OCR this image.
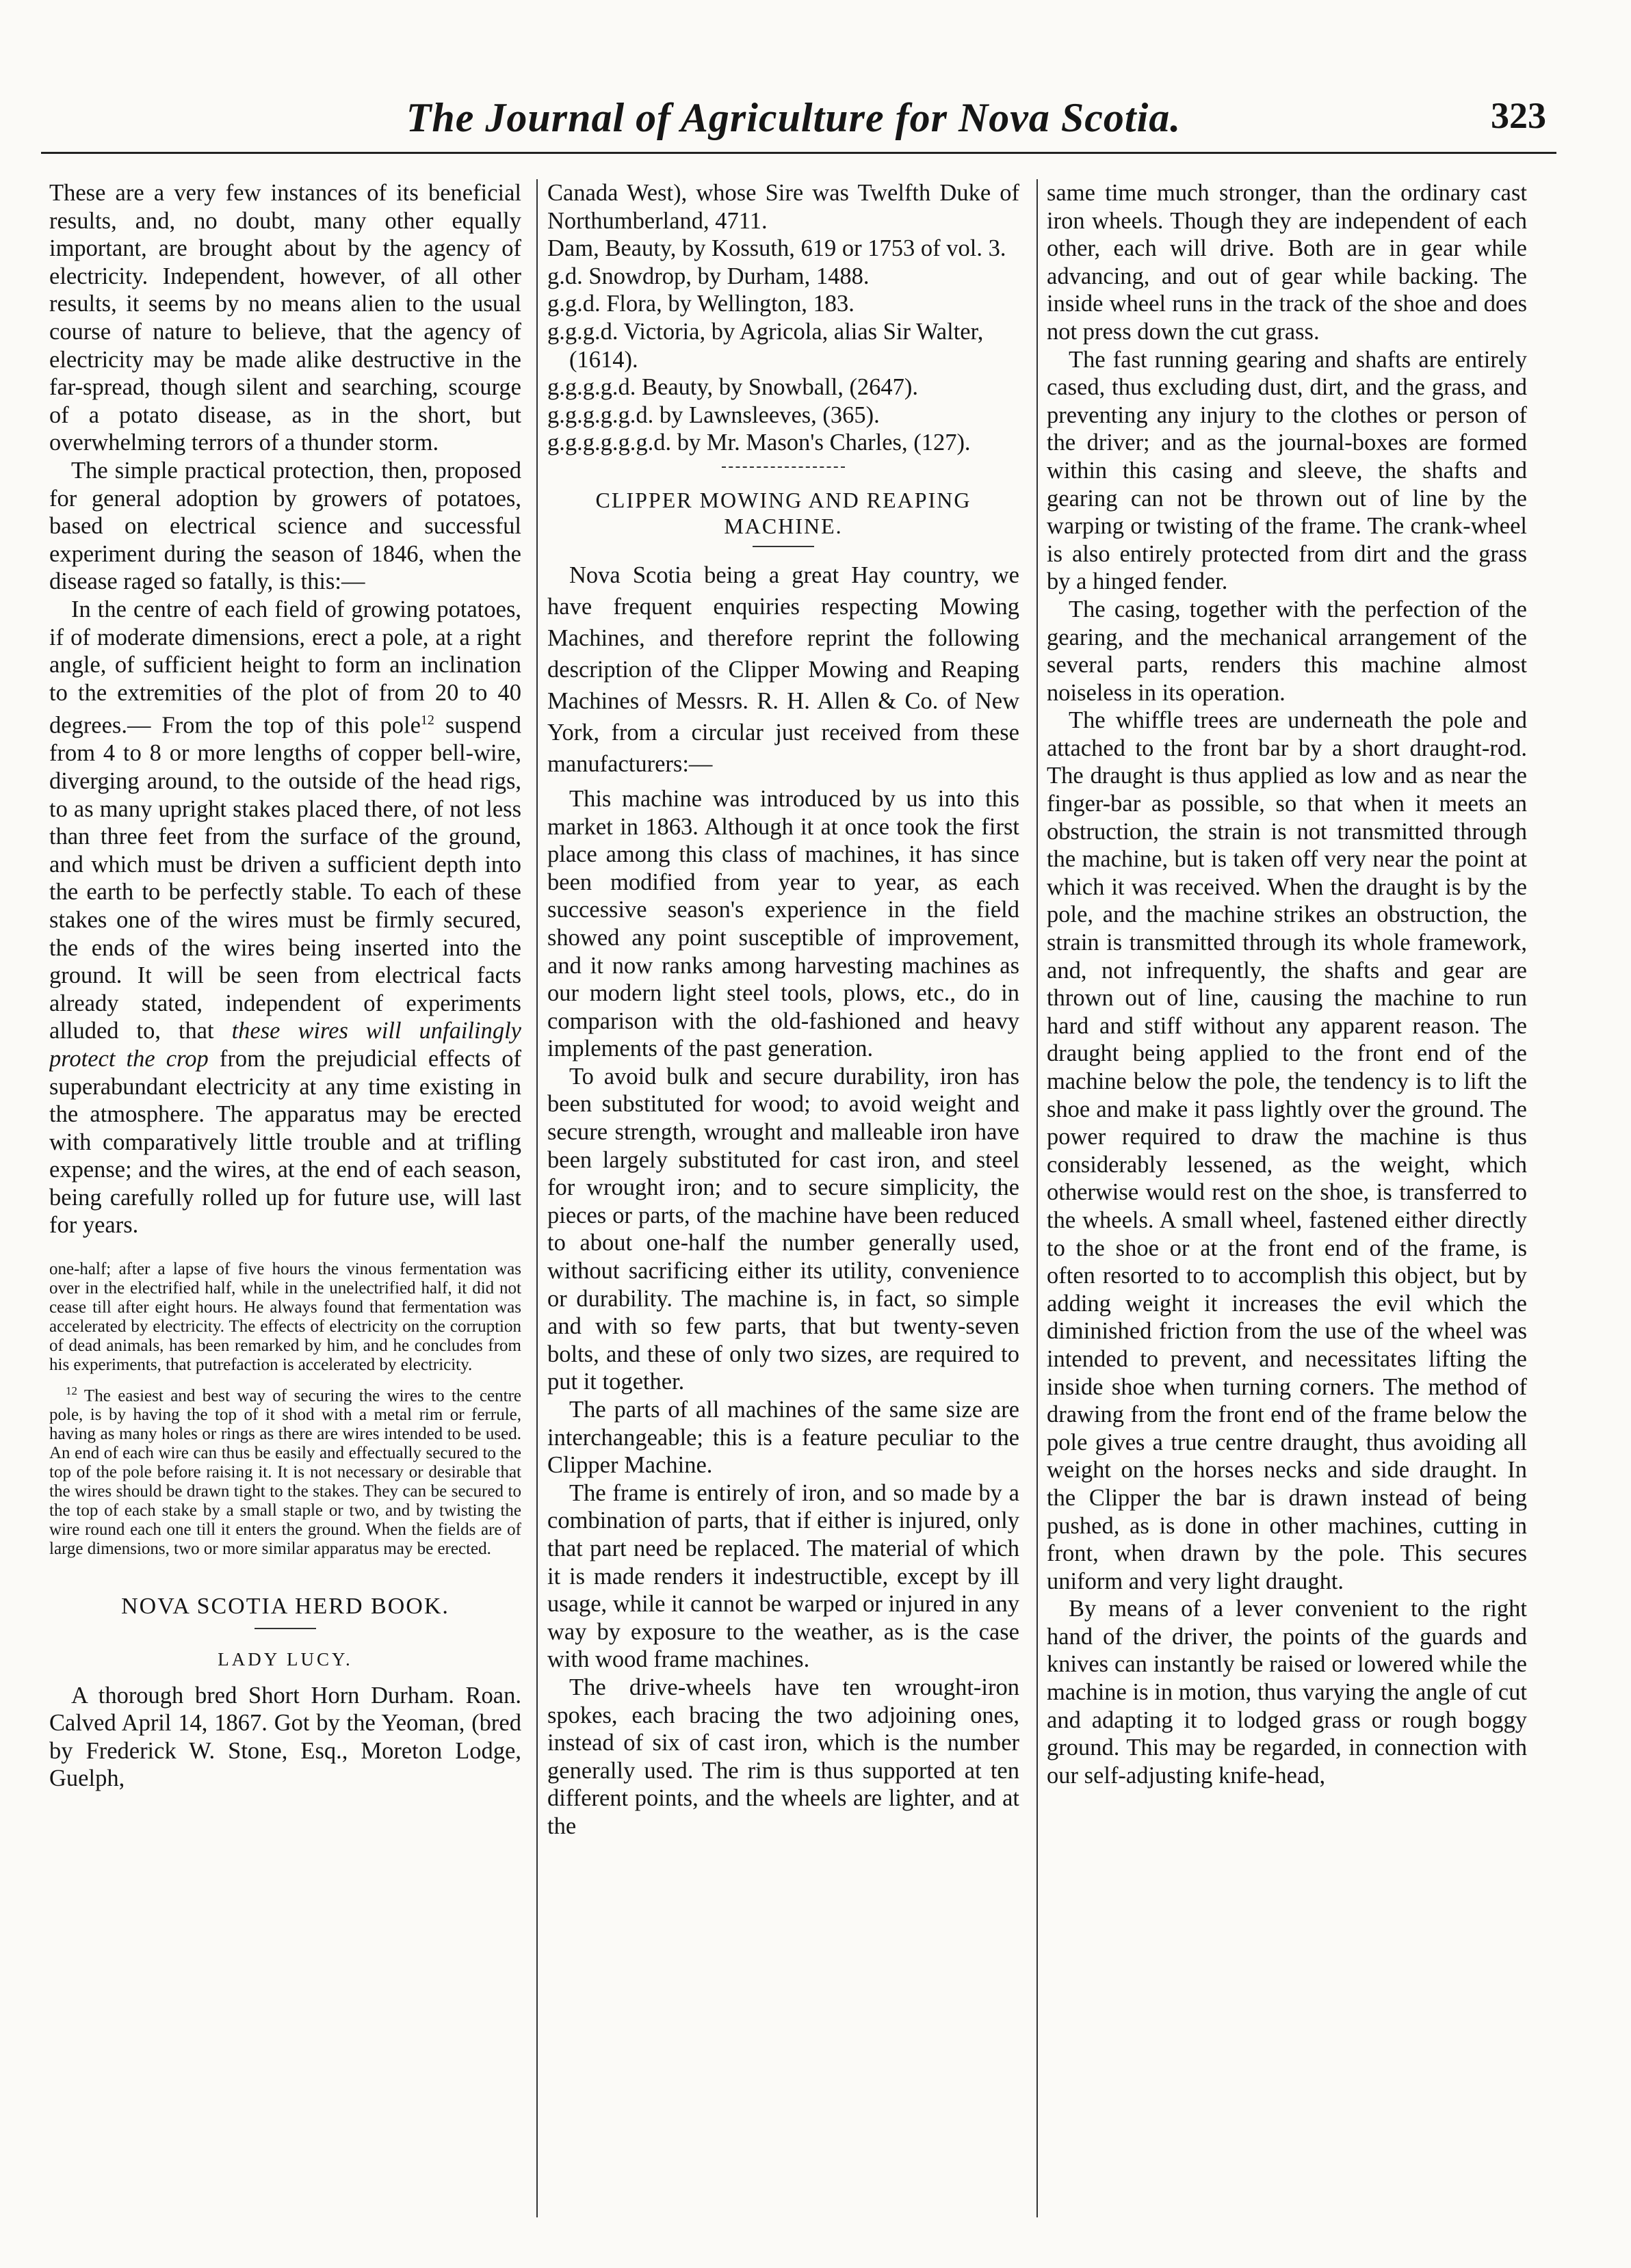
The Journal of Agriculture for Nova Scotia.	323

These are a very few instances of its beneficial results, and, no doubt, many other equally important, are brought about by the agency of electricity. Independent, however, of all other results, it seems by no means alien to the usual course of nature to believe, that the agency of electricity may be made alike destructive in the far-spread, though silent and searching, scourge of a potato disease, as in the short, but overwhelming terrors of a thunder storm.

The simple practical protection, then, proposed for general adoption by growers of potatoes, based on electrical science and successful experiment during the season of 1846, when the disease raged so fatally, is this:—

In the centre of each field of growing potatoes, if of moderate dimensions, erect a pole, at a right angle, of sufficient height to form an inclination to the extremities of the plot of from 20 to 40 degrees.— From the top of this pole$^{12}$ suspend from 4 to 8 or more lengths of copper bell-wire, diverging around, to the outside of the head rigs, to as many upright stakes placed there, of not less than three feet from the surface of the ground, and which must be driven a sufficient depth into the earth to be perfectly stable. To each of these stakes one of the wires must be firmly secured, the ends of the wires being inserted into the ground. It will be seen from electrical facts already stated, independent of experiments alluded to, that these wires will unfailingly protect the crop from the prejudicial effects of superabundant electricity at any time existing in the atmosphere. The apparatus may be erected with comparatively little trouble and at trifling expense; and the wires, at the end of each season, being carefully rolled up for future use, will last for years.

one-half; after a lapse of five hours the vinous fermentation was over in the electrified half, while in the unelectrified half, it did not cease till after eight hours. He always found that fermentation was accelerated by electricity. The effects of electricity on the corruption of dead animals, has been remarked by him, and he concludes from his experiments, that putrefaction is accelerated by electricity.

$^{12}$ The easiest and best way of securing the wires to the centre pole, is by having the top of it shod with a metal rim or ferrule, having as many holes or rings as there are wires intended to be used. An end of each wire can thus be easily and effectually secured to the top of the pole before raising it. It is not necessary or desirable that the wires should be drawn tight to the stakes. They can be secured to the top of each stake by a small staple or two, and by twisting the wire round each one till it enters the ground. When the fields are of large dimensions, two or more similar apparatus may be erected.

NOVA SCOTIA HERD BOOK.
LADY LUCY.

A thorough bred Short Horn Durham. Roan. Calved April 14, 1867. Got by the Yeoman, (bred by Frederick W. Stone, Esq., Moreton Lodge, Guelph,

Canada West), whose Sire was Twelfth Duke of Northumberland, 4711.

Dam, Beauty, by Kossuth, 619 or 1753 of vol. 3.

g.d. Snowdrop, by Durham, 1488.

g.g.d. Flora, by Wellington, 183.

g.g.g.d. Victoria, by Agricola, alias Sir Walter, (1614).

g.g.g.g.d. Beauty, by Snowball, (2647).

g.g.g.g.g.d. by Lawnsleeves, (365).

g.g.g.g.g.g.d. by Mr. Mason's Charles, (127).

CLIPPER MOWING AND REAPING MACHINE.

Nova Scotia being a great Hay country, we have frequent enquiries respecting Mowing Machines, and therefore reprint the following description of the Clipper Mowing and Reaping Machines of Messrs. R. H. Allen & Co. of New York, from a circular just received from these manufacturers:—

This machine was introduced by us into this market in 1863. Although it at once took the first place among this class of machines, it has since been modified from year to year, as each successive season's experience in the field showed any point susceptible of improvement, and it now ranks among harvesting machines as our modern light steel tools, plows, etc., do in comparison with the old-fashioned and heavy implements of the past generation.

To avoid bulk and secure durability, iron has been substituted for wood; to avoid weight and secure strength, wrought and malleable iron have been largely substituted for cast iron, and steel for wrought iron; and to secure simplicity, the pieces or parts, of the machine have been reduced to about one-half the number generally used, without sacrificing either its utility, convenience or durability. The machine is, in fact, so simple and with so few parts, that but twenty-seven bolts, and these of only two sizes, are required to put it together.

The parts of all machines of the same size are interchangeable; this is a feature peculiar to the Clipper Machine.

The frame is entirely of iron, and so made by a combination of parts, that if either is injured, only that part need be replaced. The material of which it is made renders it indestructible, except by ill usage, while it cannot be warped or injured in any way by exposure to the weather, as is the case with wood frame machines.

The drive-wheels have ten wrought-iron spokes, each bracing the two adjoining ones, instead of six of cast iron, which is the number generally used. The rim is thus supported at ten different points, and the wheels are lighter, and at the

same time much stronger, than the ordinary cast iron wheels. Though they are independent of each other, each will drive. Both are in gear while advancing, and out of gear while backing. The inside wheel runs in the track of the shoe and does not press down the cut grass.

The fast running gearing and shafts are entirely cased, thus excluding dust, dirt, and the grass, and preventing any injury to the clothes or person of the driver; and as the journal-boxes are formed within this casing and sleeve, the shafts and gearing can not be thrown out of line by the warping or twisting of the frame. The crank-wheel is also entirely protected from dirt and the grass by a hinged fender.

The casing, together with the perfection of the gearing, and the mechanical arrangement of the several parts, renders this machine almost noiseless in its operation.

The whiffle trees are underneath the pole and attached to the front bar by a short draught-rod. The draught is thus applied as low and as near the finger-bar as possible, so that when it meets an obstruction, the strain is not transmitted through the machine, but is taken off very near the point at which it was received. When the draught is by the pole, and the machine strikes an obstruction, the strain is transmitted through its whole framework, and, not infrequently, the shafts and gear are thrown out of line, causing the machine to run hard and stiff without any apparent reason. The draught being applied to the front end of the machine below the pole, the tendency is to lift the shoe and make it pass lightly over the ground. The power required to draw the machine is thus considerably lessened, as the weight, which otherwise would rest on the shoe, is transferred to the wheels. A small wheel, fastened either directly to the shoe or at the front end of the frame, is often resorted to to accomplish this object, but by adding weight it increases the evil which the diminished friction from the use of the wheel was intended to prevent, and necessitates lifting the inside shoe when turning corners. The method of drawing from the front end of the frame below the pole gives a true centre draught, thus avoiding all weight on the horses necks and side draught. In the Clipper the bar is drawn instead of being pushed, as is done in other machines, cutting in front, when drawn by the pole. This secures uniform and very light draught.

By means of a lever convenient to the right hand of the driver, the points of the guards and knives can instantly be raised or lowered while the machine is in motion, thus varying the angle of cut and adapting it to lodged grass or rough boggy ground. This may be regarded, in connection with our self-adjusting knife-head,
